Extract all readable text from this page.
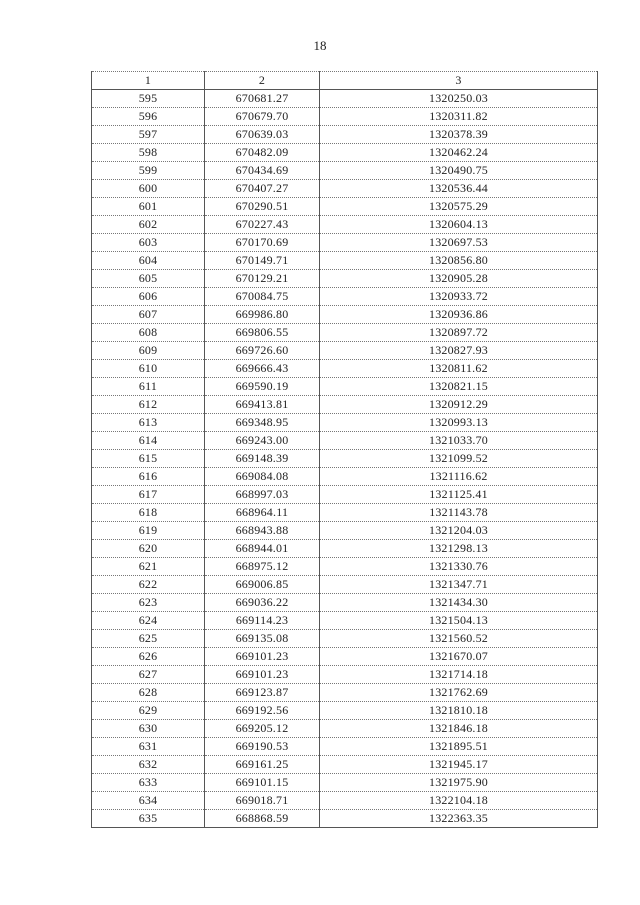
18
1	2	3
595	670681.27	1320250.03
596	670679.70	1320311.82
597	670639.03	1320378.39
598	670482.09	1320462.24
599	670434.69	1320490.75
600	670407.27	1320536.44
601	670290.51	1320575.29
602	670227.43	1320604.13
603	670170.69	1320697.53
604	670149.71	1320856.80
605	670129.21	1320905.28
606	670084.75	1320933.72
607	669986.80	1320936.86
608	669806.55	1320897.72
609	669726.60	1320827.93
610	669666.43	1320811.62
611	669590.19	1320821.15
612	669413.81	1320912.29
613	669348.95	1320993.13
614	669243.00	1321033.70
615	669148.39	1321099.52
616	669084.08	1321116.62
617	668997.03	1321125.41
618	668964.11	1321143.78
619	668943.88	1321204.03
620	668944.01	1321298.13
621	668975.12	1321330.76
622	669006.85	1321347.71
623	669036.22	1321434.30
624	669114.23	1321504.13
625	669135.08	1321560.52
626	669101.23	1321670.07
627	669101.23	1321714.18
628	669123.87	1321762.69
629	669192.56	1321810.18
630	669205.12	1321846.18
631	669190.53	1321895.51
632	669161.25	1321945.17
633	669101.15	1321975.90
634	669018.71	1322104.18
635	668868.59	1322363.35
